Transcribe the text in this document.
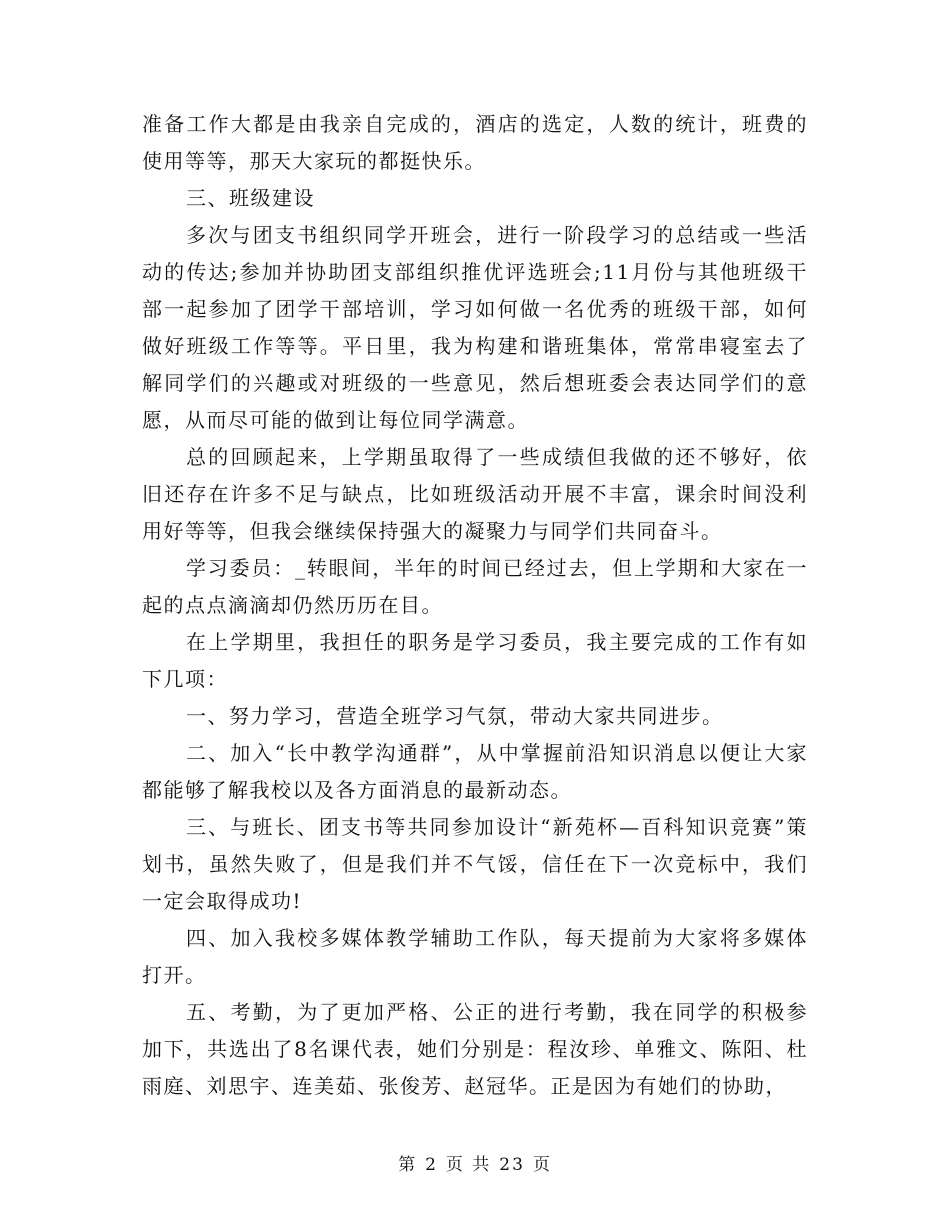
准备工作大都是由我亲自完成的，酒店的选定，人数的统计，班费的使用等等，那天大家玩的都挺快乐。

三、班级建设

多次与团支书组织同学开班会，进行一阶段学习的总结或一些活动的传达;参加并协助团支部组织推优评选班会;11月份与其他班级干部一起参加了团学干部培训，学习如何做一名优秀的班级干部，如何做好班级工作等等。平日里，我为构建和谐班集体，常常串寝室去了解同学们的兴趣或对班级的一些意见，然后想班委会表达同学们的意愿，从而尽可能的做到让每位同学满意。

总的回顾起来，上学期虽取得了一些成绩但我做的还不够好，依旧还存在许多不足与缺点，比如班级活动开展不丰富，课余时间没利用好等等，但我会继续保持强大的凝聚力与同学们共同奋斗。

学习委员：_转眼间，半年的时间已经过去，但上学期和大家在一起的点点滴滴却仍然历历在目。

在上学期里，我担任的职务是学习委员，我主要完成的工作有如下几项：

一、努力学习，营造全班学习气氛，带动大家共同进步。

二、加入“长中教学沟通群”，从中掌握前沿知识消息以便让大家都能够了解我校以及各方面消息的最新动态。

三、与班长、团支书等共同参加设计“新苑杯—百科知识竞赛”策划书，虽然失败了，但是我们并不气馁，信任在下一次竞标中，我们一定会取得成功!

四、加入我校多媒体教学辅助工作队，每天提前为大家将多媒体打开。

五、考勤，为了更加严格、公正的进行考勤，我在同学的积极参加下，共选出了8名课代表，她们分别是：程汝珍、单雅文、陈阳、杜雨庭、刘思宇、连美茹、张俊芳、赵冠华。正是因为有她们的协助，

第 2 页 共 23 页
